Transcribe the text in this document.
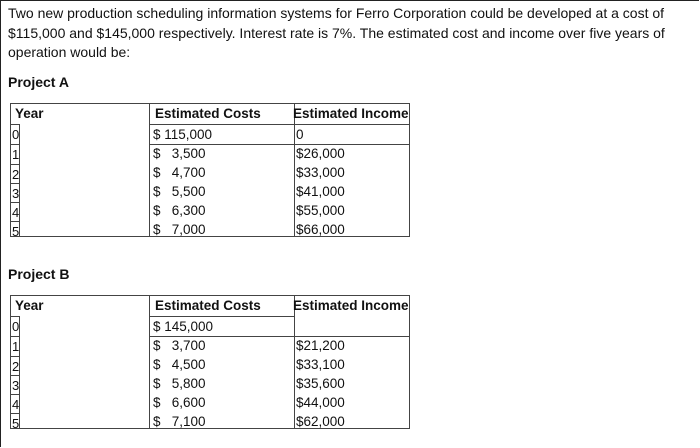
Two new production scheduling information systems for Ferro Corporation could be developed at a cost of $115,000 and $145,000 respectively. Interest rate is 7%. The estimated cost and income over five years of operation would be:
Project A
Year	Estimated Costs Estimated Income
0
1
2
3
4
5
$ 115,000
$   3,500
$   4,700
$   5,500
$   6,300
$   7,000
0
$26,000
$33,000
$41,000
$55,000
$66,000
Project B
Year	Estimated Costs Estimated Income
0
1
2
3
4
5
$ 145,000
$   3,700
$   4,500
$   5,800
$   6,600
$   7,100
$21,200
$33,100
$35,600
$44,000
$62,000
